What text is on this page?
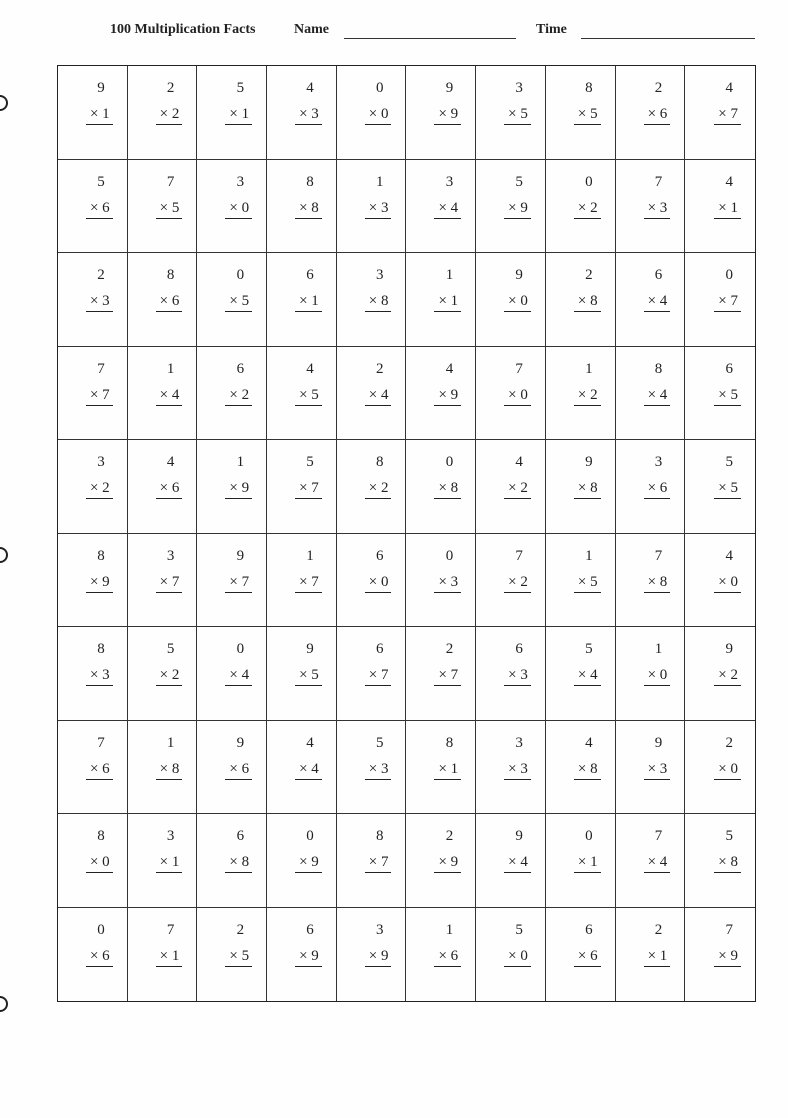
100 Multiplication Facts	Name	Time
9
× 1
2
× 2
5
× 1
4
× 3
0
× 0
9
× 9
3
× 5
8
× 5
2
× 6
4
× 7
5
× 6
7
× 5
3
× 0
8
× 8
1
× 3
3
× 4
5
× 9
0
× 2
7
× 3
4
× 1
2
× 3
8
× 6
0
× 5
6
× 1
3
× 8
1
× 1
9
× 0
2
× 8
6
× 4
0
× 7
7
× 7
1
× 4
6
× 2
4
× 5
2
× 4
4
× 9
7
× 0
1
× 2
8
× 4
6
× 5
3
× 2
4
× 6
1
× 9
5
× 7
8
× 2
0
× 8
4
× 2
9
× 8
3
× 6
5
× 5
8
× 9
3
× 7
9
× 7
1
× 7
6
× 0
0
× 3
7
× 2
1
× 5
7
× 8
4
× 0
8
× 3
5
× 2
0
× 4
9
× 5
6
× 7
2
× 7
6
× 3
5
× 4
1
× 0
9
× 2
7
× 6
1
× 8
9
× 6
4
× 4
5
× 3
8
× 1
3
× 3
4
× 8
9
× 3
2
× 0
8
× 0
3
× 1
6
× 8
0
× 9
8
× 7
2
× 9
9
× 4
0
× 1
7
× 4
5
× 8
0
× 6
7
× 1
2
× 5
6
× 9
3
× 9
1
× 6
5
× 0
6
× 6
2
× 1
7
× 9
